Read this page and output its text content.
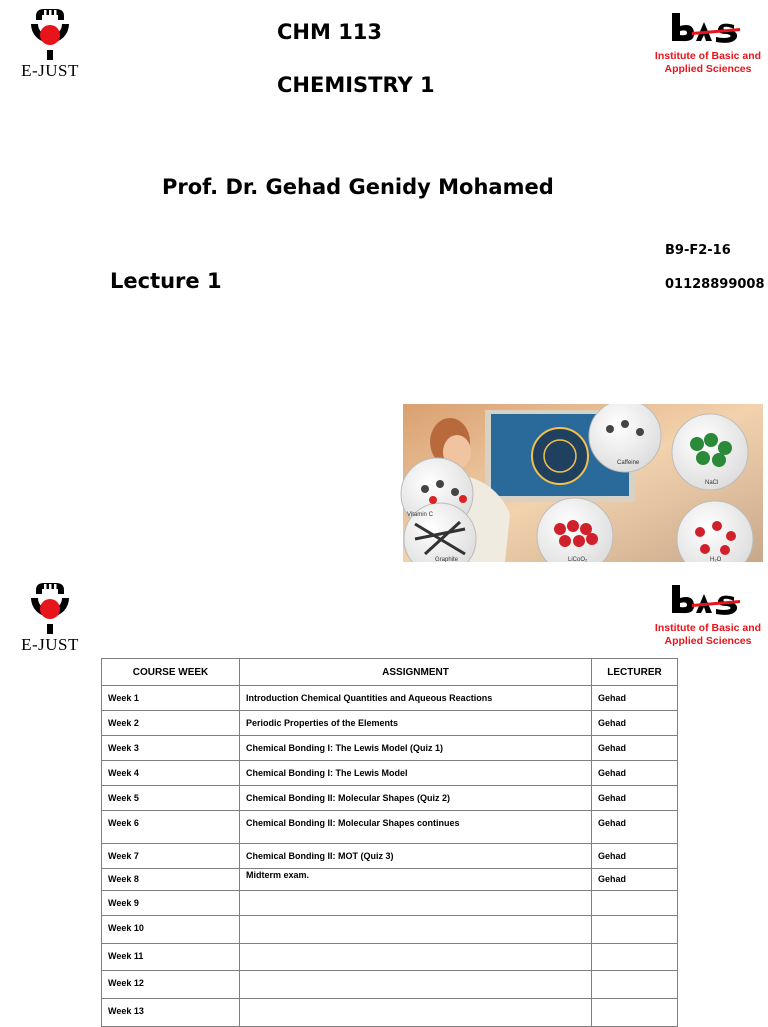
E-JUST
Institute of Basic and
Applied Sciences
CHM 113
CHEMISTRY 1
Prof. Dr. Gehad Genidy Mohamed
Lecture 1
B9-F2-16
01128899008
Caffeine
NaCl
Vitamin C
Graphite	LiCoO₂	H₂O
E-JUST
Institute of Basic and
Applied Sciences
COURSE WEEK	ASSIGNMENT	LECTURER
Week 1	Introduction Chemical Quantities and Aqueous Reactions	Gehad
Week 2	Periodic Properties of the Elements	Gehad
Week 3	Chemical Bonding I: The Lewis Model (Quiz 1)	Gehad
Week 4	Chemical Bonding I: The Lewis Model	Gehad
Week 5	Chemical Bonding II: Molecular Shapes (Quiz 2)	Gehad
Week 6	Chemical Bonding II: Molecular Shapes continues	Gehad
Week 7	Chemical Bonding II: MOT (Quiz 3)	Gehad
Week 8	Midterm exam.	Gehad
Week 9		
Week 10		
Week 11		
Week 12		
Week 13		
